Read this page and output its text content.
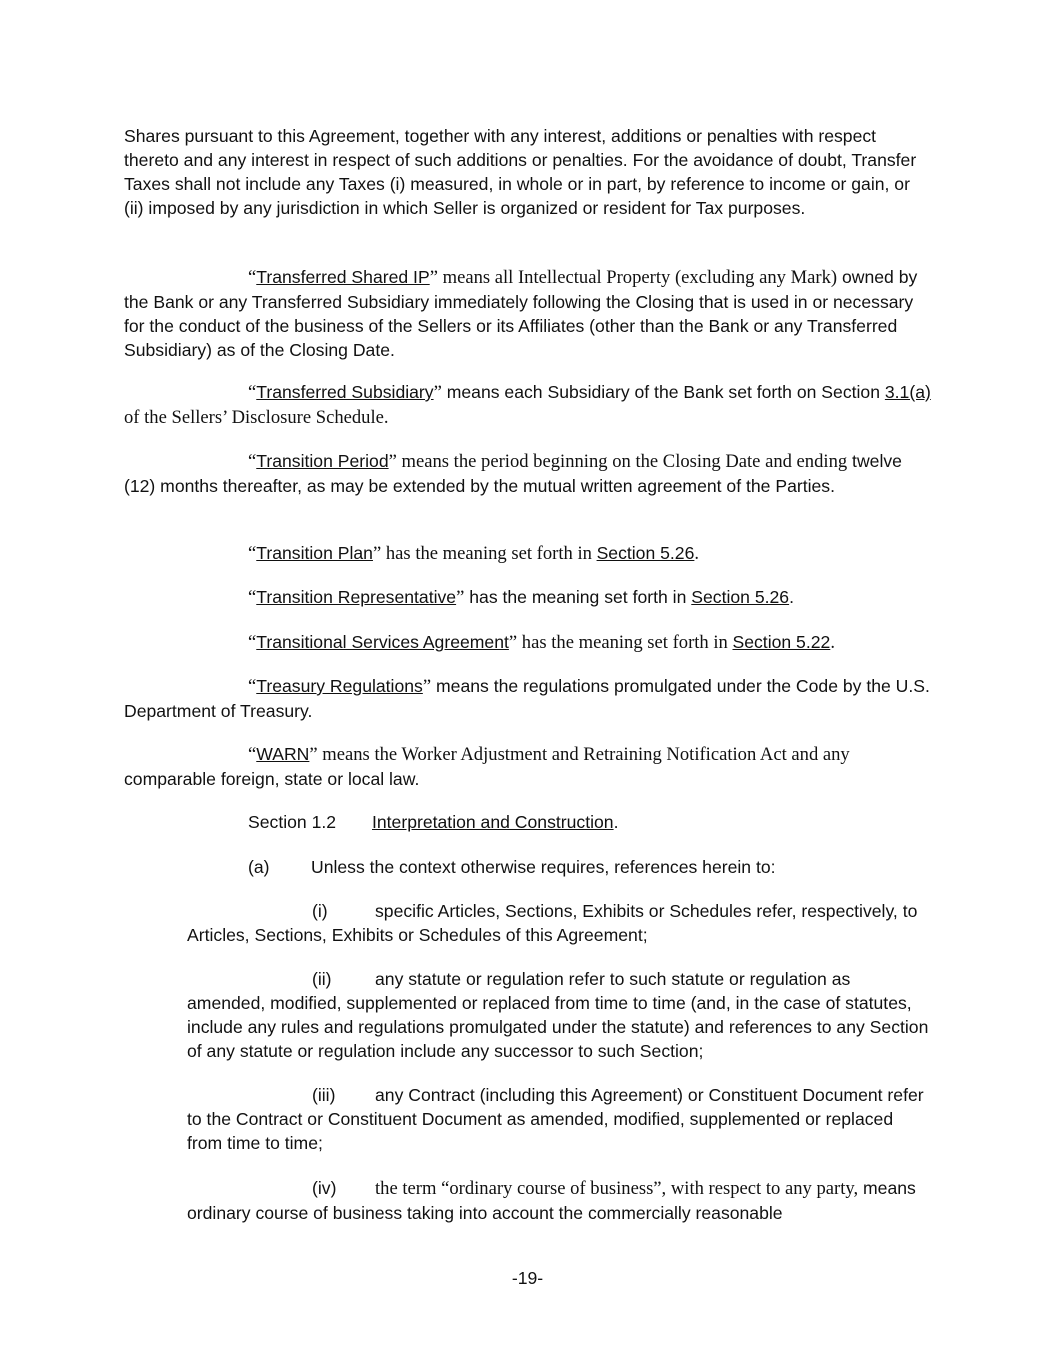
Shares pursuant to this Agreement, together with any interest, additions or penalties with respect thereto and any interest in respect of such additions or penalties. For the avoidance of doubt, Transfer Taxes shall not include any Taxes (i) measured, in whole or in part, by reference to income or gain, or (ii) imposed by any jurisdiction in which Seller is organized or resident for Tax purposes.

“Transferred Shared IP” means all Intellectual Property (excluding any Mark) owned by the Bank or any Transferred Subsidiary immediately following the Closing that is used in or necessary for the conduct of the business of the Sellers or its Affiliates (other than the Bank or any Transferred Subsidiary) as of the Closing Date.

“Transferred Subsidiary” means each Subsidiary of the Bank set forth on Section 3.1(a) of the Sellers’ Disclosure Schedule.

“Transition Period” means the period beginning on the Closing Date and ending twelve (12) months thereafter, as may be extended by the mutual written agreement of the Parties.

“Transition Plan” has the meaning set forth in Section 5.26.

“Transition Representative” has the meaning set forth in Section 5.26.

“Transitional Services Agreement” has the meaning set forth in Section 5.22.

“Treasury Regulations” means the regulations promulgated under the Code by the U.S. Department of Treasury.

“WARN” means the Worker Adjustment and Retraining Notification Act and any comparable foreign, state or local law.

Section 1.2 Interpretation and Construction.

(a) Unless the context otherwise requires, references herein to:

(i)	specific Articles, Sections, Exhibits or Schedules refer, respectively, to Articles, Sections, Exhibits or Schedules of this Agreement;

(ii) any statute or regulation refer to such statute or regulation as amended, modified, supplemented or replaced from time to time (and, in the case of statutes, include any rules and regulations promulgated under the statute) and references to any Section of any statute or regulation include any successor to such Section;

(iii) any Contract (including this Agreement) or Constituent Document refer to the Contract or Constituent Document as amended, modified, supplemented or replaced from time to time;

(iv) the term “ordinary course of business”, with respect to any party, means ordinary course of business taking into account the commercially reasonable

-19-
